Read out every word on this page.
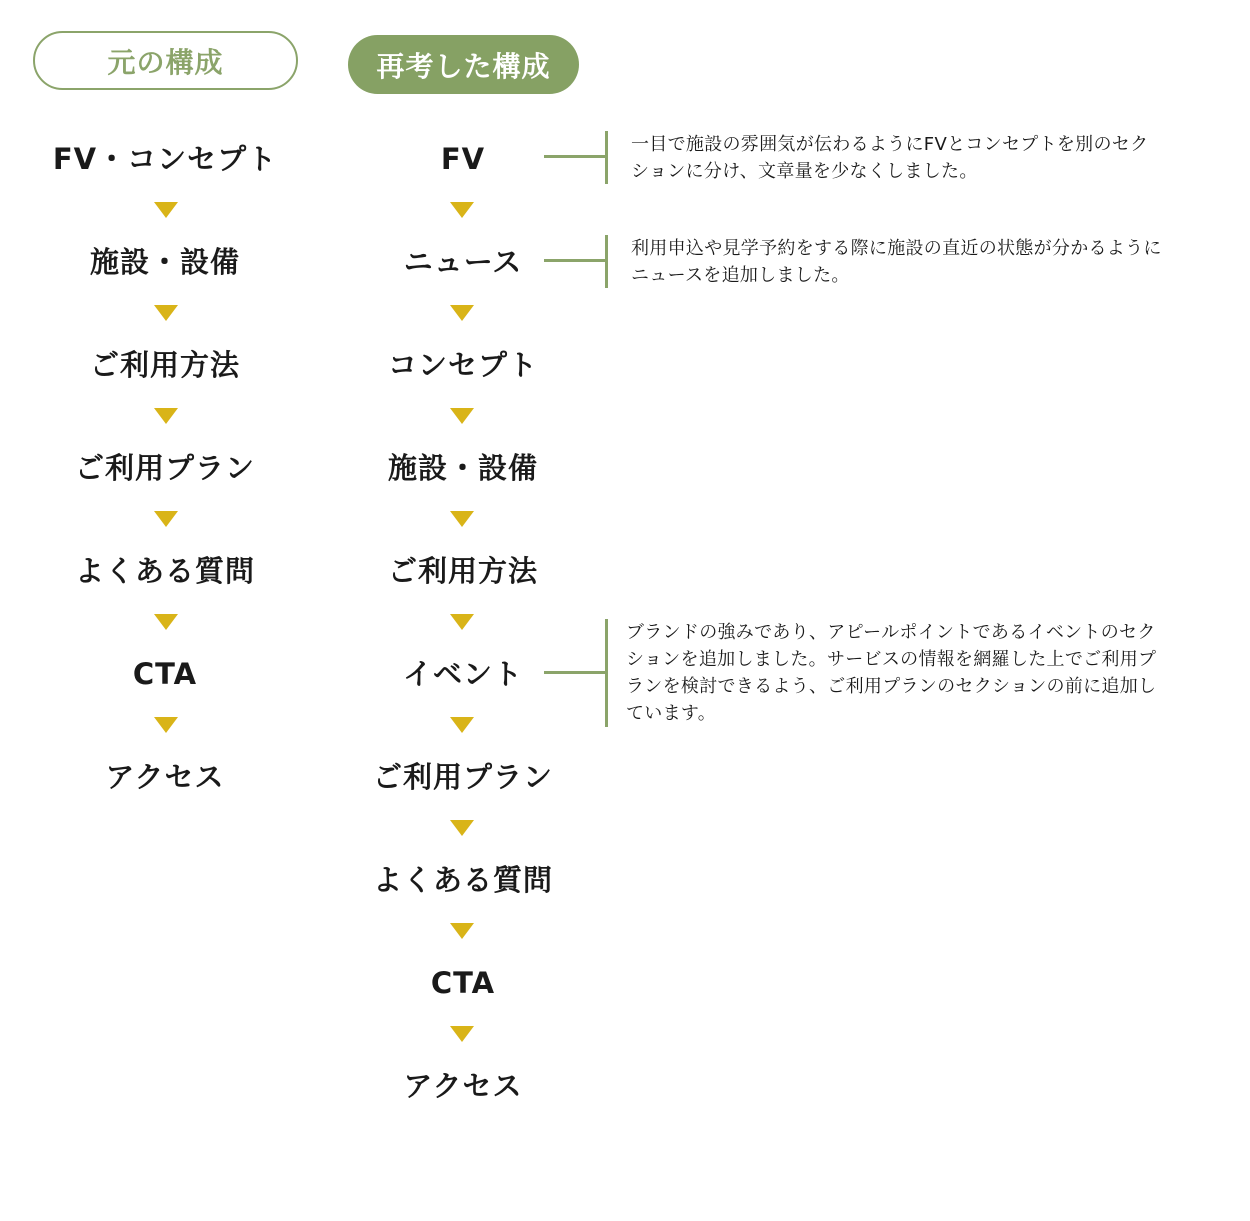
元の構成	再考した構成
FV・コンセプト
施設・設備
ご利用方法
ご利用プラン
よくある質問
CTA
アクセス
FV
ニュース
コンセプト
施設・設備
ご利用方法
イベント
ご利用プラン
よくある質問
CTA
アクセス
一目で施設の雰囲気が伝わるようにFVとコンセプトを別のセク
ションに分け、文章量を少なくしました。
利用申込や見学予約をする際に施設の直近の状態が分かるように
ニュースを追加しました。
ブランドの強みであり、アピールポイントであるイベントのセク
ションを追加しました。サービスの情報を網羅した上でご利用プ
ランを検討できるよう、ご利用プランのセクションの前に追加し
ています。
